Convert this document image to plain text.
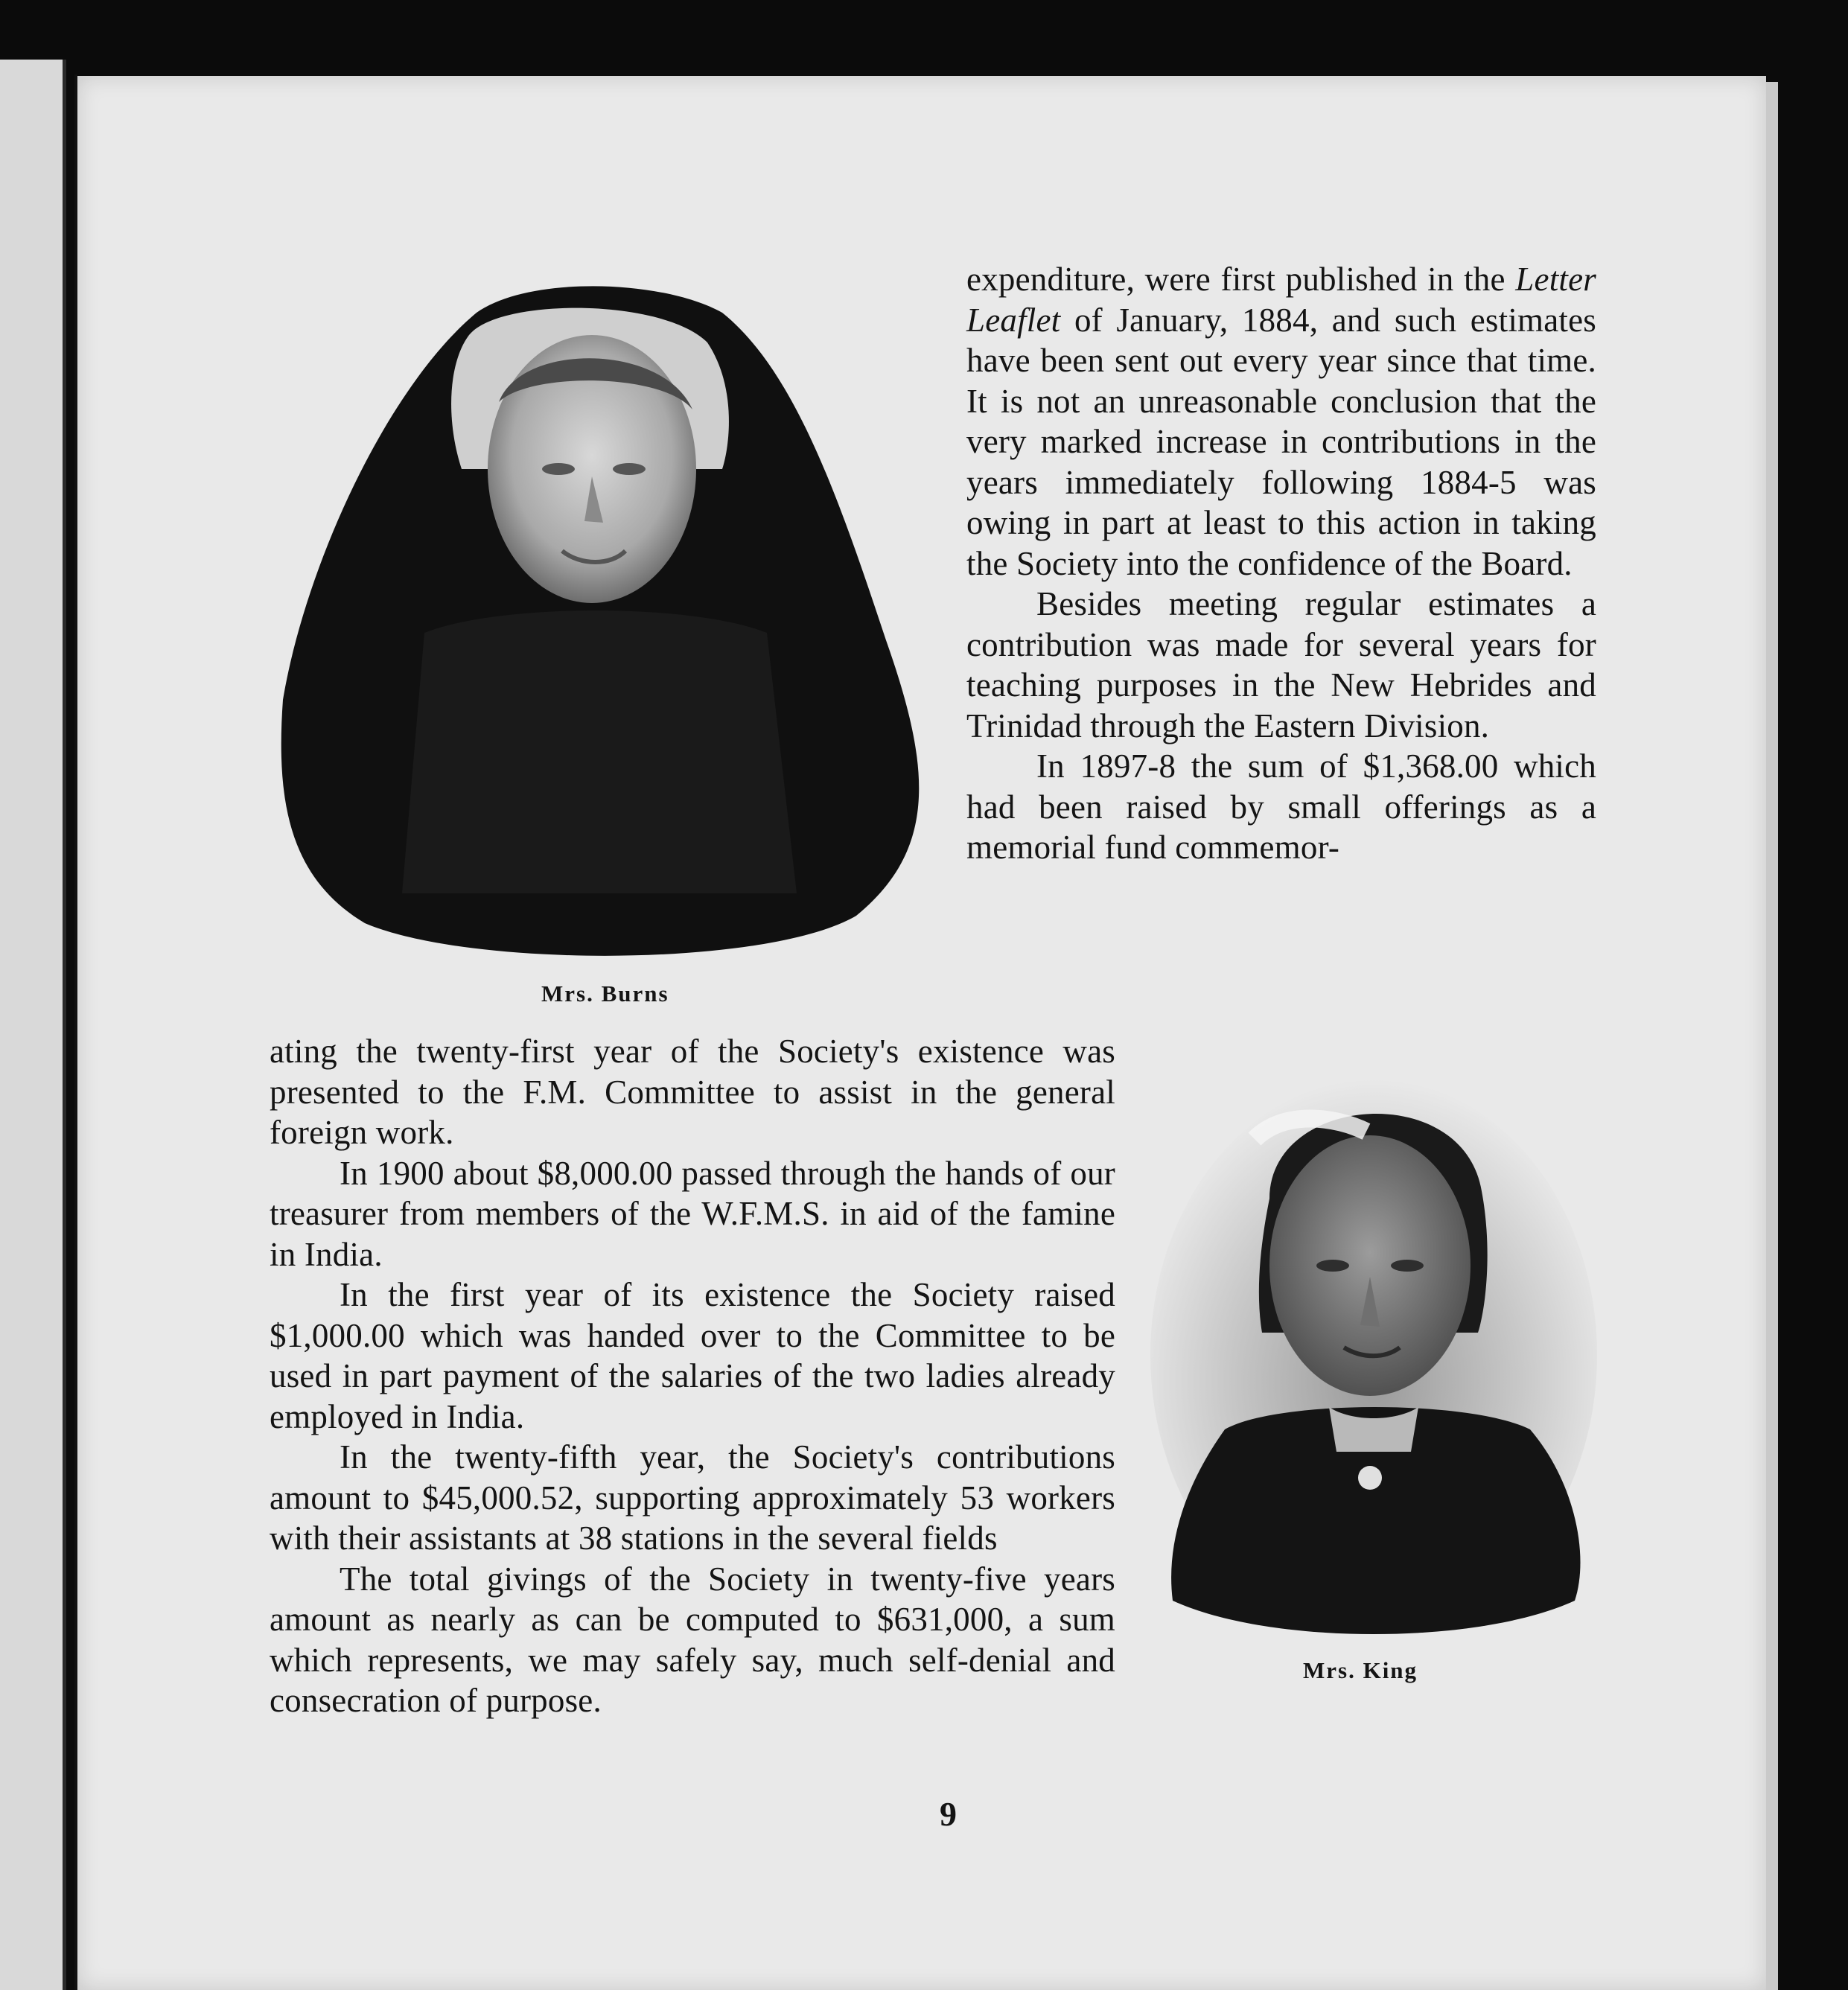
Mrs. Burns
Mrs. King

expenditure, were first published in the Letter Leaflet of January, 1884, and such estimates have been sent out every year since that time. It is not an unreasonable conclusion that the very marked increase in contributions in the years immediately following 1884-5 was owing in part at least to this action in taking the Society into the confidence of the Board.

Besides meeting regular estimates a contribution was made for several years for teaching purposes in the New Hebrides and Trinidad through the Eastern Division.

In 1897-8 the sum of $1,368.00 which had been raised by small offerings as a memorial fund commemor-

ating the twenty-first year of the Society's existence was presented to the F.M. Committee to assist in the general foreign work.

In 1900 about $8,000.00 passed through the hands of our treasurer from members of the W.F.M.S. in aid of the famine in India.

In the first year of its existence the Society raised $1,000.00 which was handed over to the Committee to be used in part payment of the salaries of the two ladies already employed in India.

In the twenty-fifth year, the Society's contributions amount to $45,000.52, supporting approximately 53 workers with their assistants at 38 stations in the several fields

The total givings of the Society in twenty-five years amount as nearly as can be computed to $631,000, a sum which represents, we may safely say, much self-denial and consecration of purpose.

9
